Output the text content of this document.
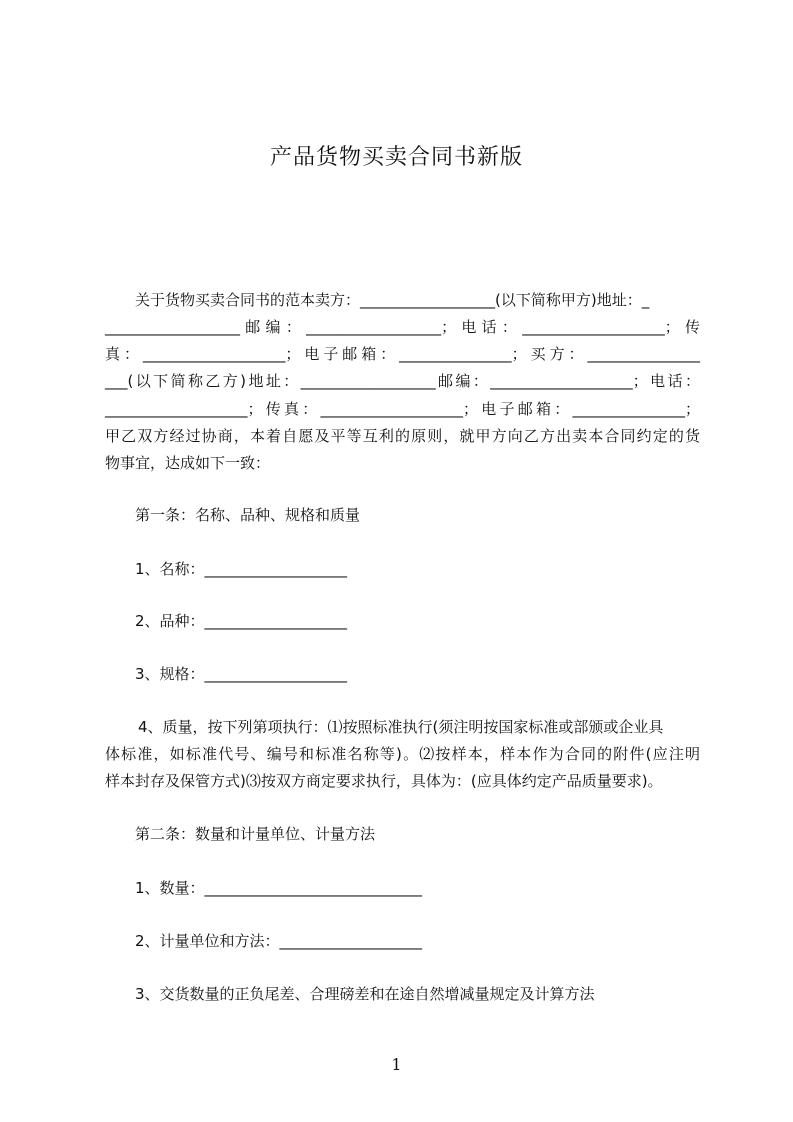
产品货物买卖合同书新版
关于货物买卖合同书的范本卖方：__________________(以下简称甲方)地址：_
__________________邮编：__________________；电话：___________________；传
真：___________________；电子邮箱：_______________；买方：_______________
___(以下简称乙方)地址：__________________邮编：___________________；电话：
___________________；传真：___________________；电子邮箱：_______________；
甲乙双方经过协商，本着自愿及平等互利的原则，就甲方向乙方出卖本合同约定的货
物事宜，达成如下一致：
第一条：名称、品种、规格和质量
1、名称：___________________
2、品种：___________________
3、规格：___________________
4、质量，按下列第项执行：⑴按照标准执行(须注明按国家标准或部颁或企业具
体标准，如标准代号、编号和标准名称等)。⑵按样本，样本作为合同的附件(应注明
样本封存及保管方式)⑶按双方商定要求执行，具体为：(应具体约定产品质量要求)。
第二条：数量和计量单位、计量方法
1、数量：_____________________________
2、计量单位和方法：___________________
3、交货数量的正负尾差、合理磅差和在途自然增减量规定及计算方法
1
